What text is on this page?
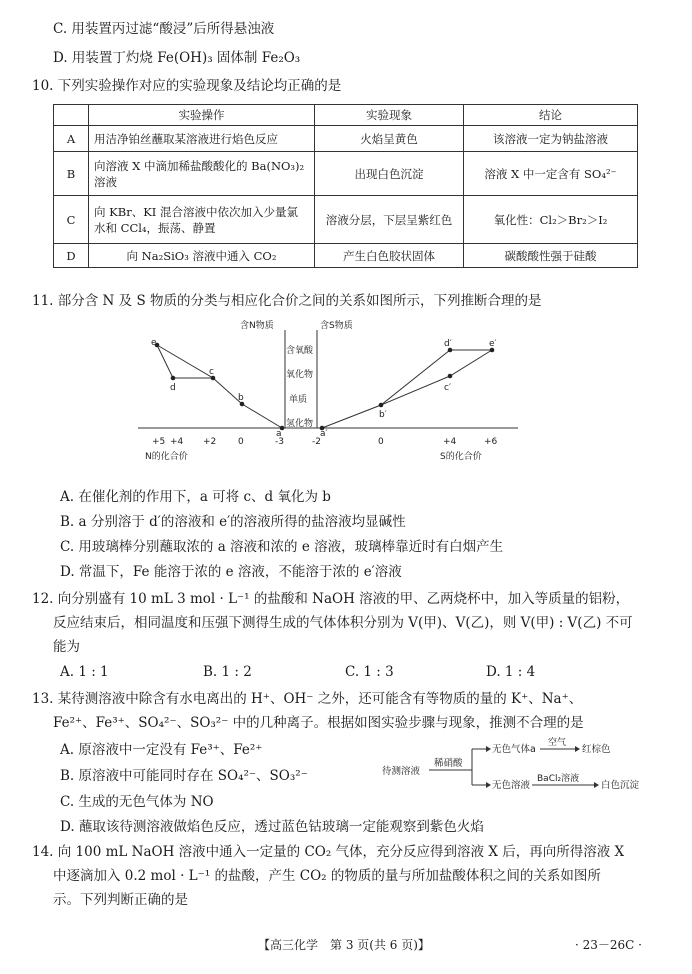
C. 用装置丙过滤“酸浸”后所得悬浊液
D. 用装置丁灼烧 Fe(OH)₃ 固体制 Fe₂O₃
10. 下列实验操作对应的实验现象及结论均正确的是
	实验操作	实验现象	结论
A	用洁净铂丝蘸取某溶液进行焰色反应	火焰呈黄色	该溶液一定为钠盐溶液
B	向溶液 X 中滴加稀盐酸酸化的 Ba(NO₃)₂ 溶液	出现白色沉淀	溶液 X 中一定含有 SO₄²⁻
C	向 KBr、KI 混合溶液中依次加入少量氯水和 CCl₄，振荡、静置	溶液分层，下层呈紫红色	氧化性：Cl₂＞Br₂＞I₂
D	向 Na₂SiO₃ 溶液中通入 CO₂	产生白色胶状固体	碳酸酸性强于硅酸
11. 部分含 N 及 S 物质的分类与相应化合价之间的关系如图所示，下列推断合理的是
含N物质	含S物质
含氧酸
氧化物
单质
氢化物
e
d
c
b
a	a′
b′
c′
d′	e′
+5 +4 +2 0	-3	-2	0	+4	+6
N的化合价	S的化合价
A. 在催化剂的作用下，a 可将 c、d 氧化为 b
B. a 分别溶于 d′的溶液和 e′的溶液所得的盐溶液均显碱性
C. 用玻璃棒分别蘸取浓的 a 溶液和浓的 e 溶液，玻璃棒靠近时有白烟产生
D. 常温下，Fe 能溶于浓的 e 溶液，不能溶于浓的 e′溶液
12. 向分别盛有 10 mL 3 mol · L⁻¹ 的盐酸和 NaOH 溶液的甲、乙两烧杯中，加入等质量的铝粉，
反应结束后，相同温度和压强下测得生成的气体体积分别为 V(甲)、V(乙)，则 V(甲) : V(乙) 不可
能为
A. 1 : 1	B. 1 : 2	C. 1 : 3	D. 1 : 4
13. 某待测溶液中除含有水电离出的 H⁺、OH⁻ 之外，还可能含有等物质的量的 K⁺、Na⁺、
Fe²⁺、Fe³⁺、SO₄²⁻、SO₃²⁻ 中的几种离子。根据如图实验步骤与现象，推测不合理的是
A. 原溶液中一定没有 Fe³⁺、Fe²⁺
B. 原溶液中可能同时存在 SO₄²⁻、SO₃²⁻
C. 生成的无色气体为 NO
D. 蘸取该待测溶液做焰色反应，透过蓝色钴玻璃一定能观察到紫色火焰
待测溶液
稀硝酸
无色气体a
空气
红棕色
无色溶液
BaCl₂溶液
白色沉淀
14. 向 100 mL NaOH 溶液中通入一定量的 CO₂ 气体，充分反应得到溶液 X 后，再向所得溶液 X
中逐滴加入 0.2 mol · L⁻¹ 的盐酸，产生 CO₂ 的物质的量与所加盐酸体积之间的关系如图所
示。下列判断正确的是
【高三化学　第 3 页(共 6 页)】	· 23－26C ·
